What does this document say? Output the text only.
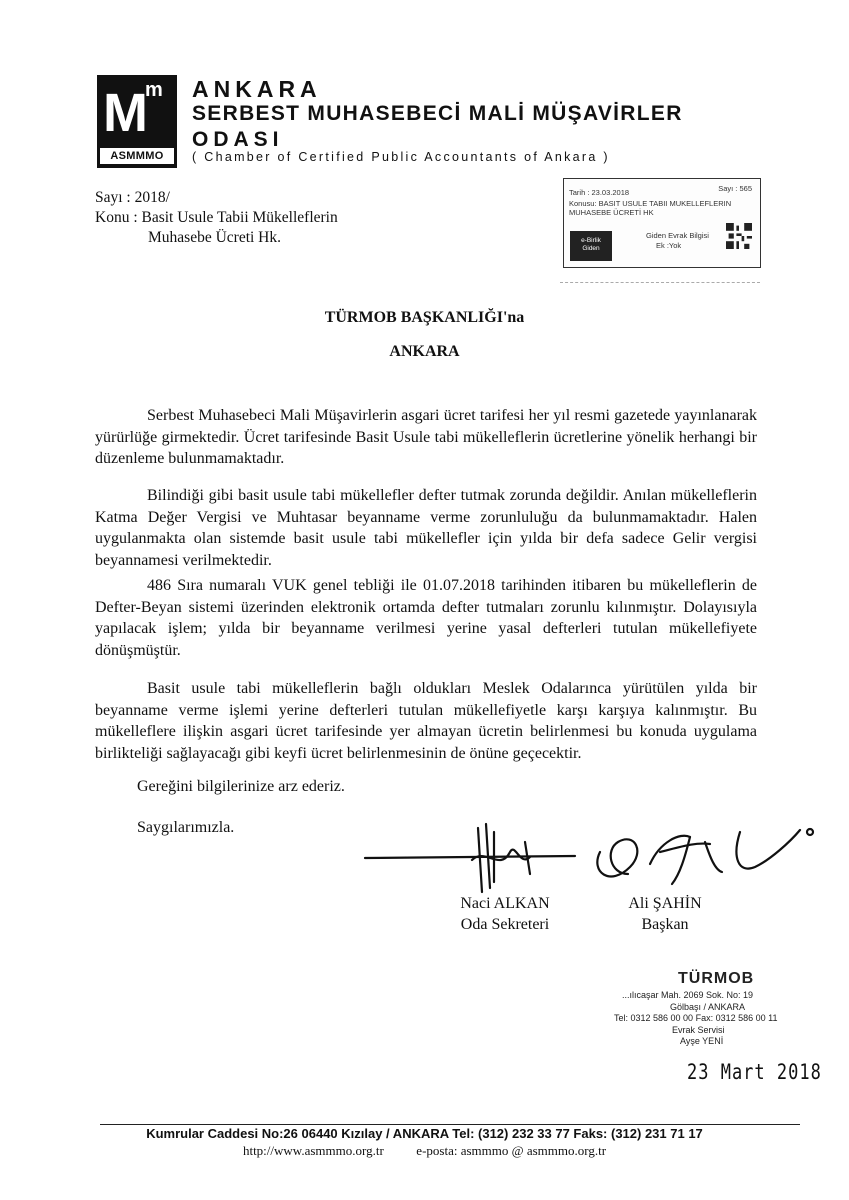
M
m
ASMMMO
ANKARA
SERBEST MUHASEBECİ MALİ MÜŞAVİRLER
ODASI
( Chamber of Certified Public Accountants of Ankara )
Sayı : 2018/
Konu : Basit Usule Tabii Mükelleflerin
Muhasebe Ücreti Hk.
Tarih : 23.03.2018	Sayı : 565
Konusu: BASIT USULE TABII MUKELLEFLERIN
MUHASEBE ÜCRETİ HK
e-Birlik
Giden
Giden Evrak Bilgisi
Ek :Yok
TÜRMOB BAŞKANLIĞI'na
ANKARA

Serbest Muhasebeci Mali Müşavirlerin asgari ücret tarifesi her yıl resmi gazetede yayınlanarak yürürlüğe girmektedir. Ücret tarifesinde Basit Usule tabi mükelleflerin ücretlerine yönelik herhangi bir düzenleme bulunmamaktadır.

Bilindiği gibi basit usule tabi mükellefler defter tutmak zorunda değildir. Anılan mükelleflerin Katma Değer Vergisi ve Muhtasar beyanname verme zorunluluğu da bulunmamaktadır. Halen uygulanmakta olan sistemde basit usule tabi mükellefler için yılda bir defa sadece Gelir vergisi beyannamesi verilmektedir.

486 Sıra numaralı VUK genel tebliği ile 01.07.2018 tarihinden itibaren bu mükelleflerin de Defter-Beyan sistemi üzerinden elektronik ortamda defter tutmaları zorunlu kılınmıştır. Dolayısıyla yapılacak işlem; yılda bir beyanname verilmesi yerine yasal defterleri tutulan mükellefiyete dönüşmüştür.

Basit usule tabi mükelleflerin bağlı oldukları Meslek Odalarınca yürütülen yılda bir beyanname verme işlemi yerine defterleri tutulan mükellefiyetle karşı karşıya kalınmıştır. Bu mükelleflere ilişkin asgari ücret tarifesinde yer almayan ücretin belirlenmesi bu konuda uygulama birlikteliği sağlayacağı gibi keyfi ücret belirlenmesinin de önüne geçecektir.

Gereğini bilgilerinize arz ederiz.
Saygılarımızla.
Naci ALKAN
Oda Sekreteri
Ali ŞAHİN
Başkan
TÜRMOB
...ılıcaşar Mah. 2069 Sok. No: 19
Gölbaşı / ANKARA
Tel: 0312 586 00 00 Fax: 0312 586 00 11
Evrak Servisi
Ayşe YENİ
23 Mart 2018
Kumrular Caddesi No:26 06440 Kızılay / ANKARA Tel: (312) 232 33 77 Faks: (312) 231 71 17
http://www.asmmmo.org.tr	e-posta: asmmmo @ asmmmo.org.tr
